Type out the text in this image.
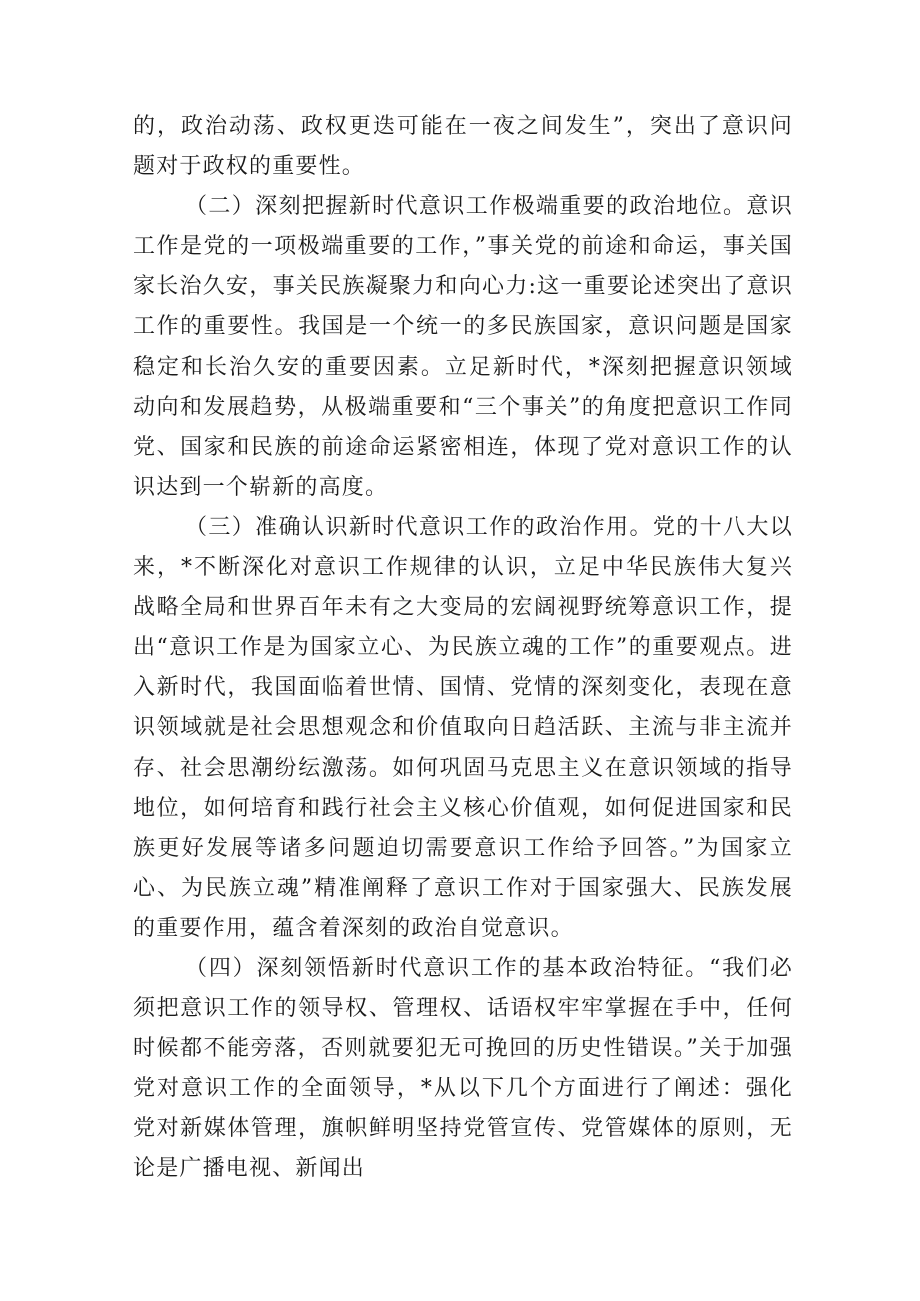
的，政治动荡、政权更迭可能在一夜之间发生”，突出了意识问题对于政权的重要性。

（二）深刻把握新时代意识工作极端重要的政治地位。意识工作是党的一项极端重要的工作，”事关党的前途和命运，事关国家长治久安，事关民族凝聚力和向心力:这一重要论述突出了意识工作的重要性。我国是一个统一的多民族国家，意识问题是国家稳定和长治久安的重要因素。立足新时代，*深刻把握意识领域动向和发展趋势，从极端重要和“三个事关”的角度把意识工作同党、国家和民族的前途命运紧密相连，体现了党对意识工作的认识达到一个崭新的高度。

（三）准确认识新时代意识工作的政治作用。党的十八大以来，*不断深化对意识工作规律的认识，立足中华民族伟大复兴战略全局和世界百年未有之大变局的宏阔视野统筹意识工作，提出“意识工作是为国家立心、为民族立魂的工作”的重要观点。进入新时代，我国面临着世情、国情、党情的深刻变化，表现在意识领域就是社会思想观念和价值取向日趋活跃、主流与非主流并存、社会思潮纷纭激荡。如何巩固马克思主义在意识领域的指导地位，如何培育和践行社会主义核心价值观，如何促进国家和民族更好发展等诸多问题迫切需要意识工作给予回答。”为国家立心、为民族立魂”精准阐释了意识工作对于国家强大、民族发展的重要作用，蕴含着深刻的政治自觉意识。

（四）深刻领悟新时代意识工作的基本政治特征。“我们必须把意识工作的领导权、管理权、话语权牢牢掌握在手中，任何时候都不能旁落，否则就要犯无可挽回的历史性错误。”关于加强党对意识工作的全面领导，*从以下几个方面进行了阐述：强化党对新媒体管理，旗帜鲜明坚持党管宣传、党管媒体的原则，无论是广播电视、新闻出
